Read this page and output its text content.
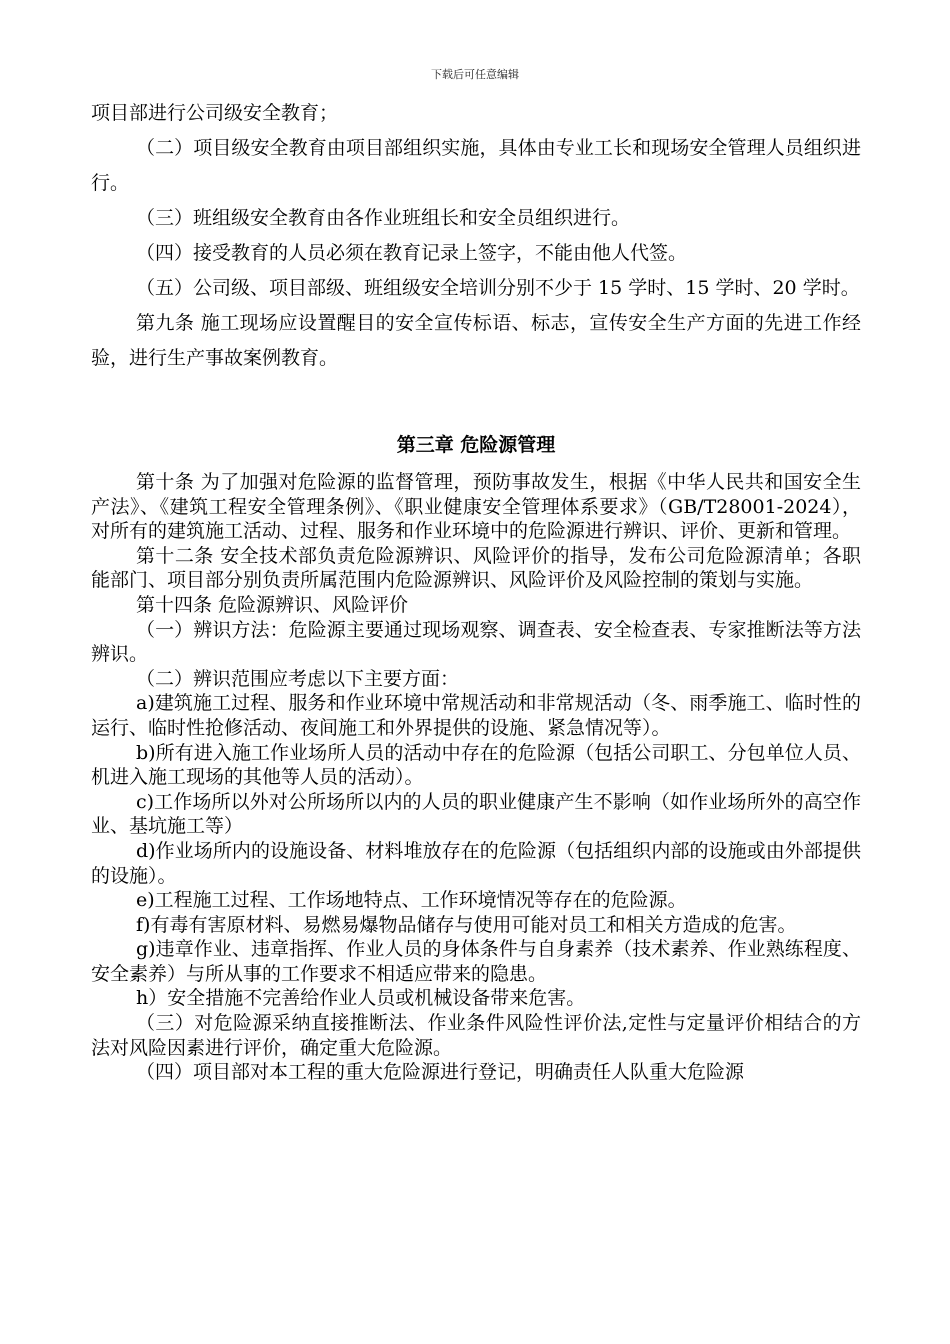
下载后可任意编辑

项目部进行公司级安全教育；

（二）项目级安全教育由项目部组织实施，具体由专业工长和现场安全管理人员组织进行。

（三）班组级安全教育由各作业班组长和安全员组织进行。

（四）接受教育的人员必须在教育记录上签字，不能由他人代签。

（五）公司级、项目部级、班组级安全培训分别不少于 15 学时、15 学时、20 学时。

第九条 施工现场应设置醒目的安全宣传标语、标志，宣传安全生产方面的先进工作经验，进行生产事故案例教育。

第三章 危险源管理

第十条 为了加强对危险源的监督管理，预防事故发生，根据《中华人民共和国安全生产法》、《建筑工程安全管理条例》、《职业健康安全管理体系要求》（GB/T28001-2024），对所有的建筑施工活动、过程、服务和作业环境中的危险源进行辨识、评价、更新和管理。

第十二条 安全技术部负责危险源辨识、风险评价的指导，发布公司危险源清单；各职能部门、项目部分别负责所属范围内危险源辨识、风险评价及风险控制的策划与实施。

第十四条 危险源辨识、风险评价

（一）辨识方法：危险源主要通过现场观察、调查表、安全检查表、专家推断法等方法辨识。

（二）辨识范围应考虑以下主要方面：

a)建筑施工过程、服务和作业环境中常规活动和非常规活动（冬、雨季施工、临时性的运行、临时性抢修活动、夜间施工和外界提供的设施、紧急情况等）。

b)所有进入施工作业场所人员的活动中存在的危险源（包括公司职工、分包单位人员、机进入施工现场的其他等人员的活动）。

c)工作场所以外对公所场所以内的人员的职业健康产生不影响（如作业场所外的高空作业、基坑施工等）

d)作业场所内的设施设备、材料堆放存在的危险源（包括组织内部的设施或由外部提供的设施）。

e)工程施工过程、工作场地特点、工作环境情况等存在的危险源。

f)有毒有害原材料、易燃易爆物品储存与使用可能对员工和相关方造成的危害。

g)违章作业、违章指挥、作业人员的身体条件与自身素养（技术素养、作业熟练程度、安全素养）与所从事的工作要求不相适应带来的隐患。

h）安全措施不完善给作业人员或机械设备带来危害。

（三）对危险源采纳直接推断法、作业条件风险性评价法,定性与定量评价相结合的方法对风险因素进行评价，确定重大危险源。

（四）项目部对本工程的重大危险源进行登记，明确责任人队重大危险源
